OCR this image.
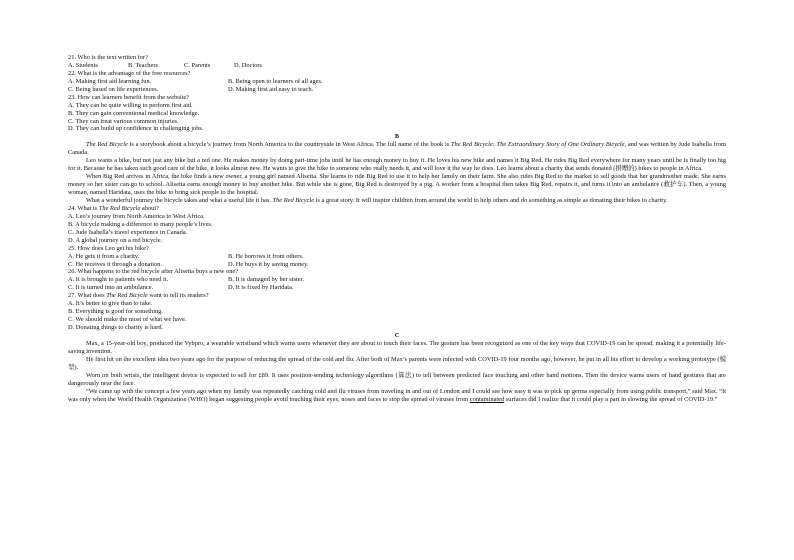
21. Who is the text written for?
A. Students	B. Teachers	C. Parents	D. Doctors
22. What is the advantage of the free resources?
A. Making first aid learning fun.	B. Being open to learners of all ages.
C. Being based on life experiences.	D. Making first aid easy to teach.
23. How can learners benefit from the website?
A. They can be quite willing to perform first aid.
B. They can gain conventional medical knowledge.
C. They can treat various common injuries.
D. They can build up confidence in challenging jobs.
B
The Red Bicycle is a storybook about a bicycle’s journey from North America to the countryside in West Africa. The full name of the book is The Red Bicycle: The Extraordinary Story of One Ordinary Bicycle, and was written by Jude Isabella from Canada.
Leo wants a bike, but not just any bike but a red one. He makes money by doing part-time jobs until he has enough money to buy it. He loves his new bike and names it Big Red. He rides Big Red everywhere for many years until he is finally too big for it. Because he has taken such good care of the bike, it looks almost new. He wants to give the bike to someone who really needs it, and will love it the way he does. Leo learns about a charity that sends donated (捐赠的) bikes to people in Africa.
When Big Red arrives in Africa, the bike finds a new owner, a young girl named Alisetta. She learns to ride Big Red to use it to help her family on their farm. She also rides Big Red to the market to sell goods that her grandmother made. She earns money so her sister can go to school. Alisetta earns enough money to buy another bike. But while she is gone, Big Red is destroyed by a pig. A worker from a hospital then takes Big Red, repairs it, and turns it into an ambulance (救护车). Then, a young woman, named Haridata, uses the bike to bring sick people to the hospital.
What a wonderful journey the bicycle takes and what a useful life it has. The Red Bicycle is a great story. It will inspire children from around the world to help others and do something as simple as donating their bikes to charity.
24. What is The Red Bicycle about?
A. Leo’s journey from North America to West Africa.
B. A bicycle making a difference to many people’s lives.
C. Jude Isabella’s travel experience in Canada.
D. A global journey on a red bicycle.
25. How does Leo get his bike?
A. He gets it from a charity.	B. He borrows it from others.
C. He receives it through a donation.	D. He buys it by saving money.
26. What happens to the red bicycle after Alisetta buys a new one?
A. It is brought to patients who need it.	B. It is damaged by her sister.
C. It is turned into an ambulance.	D. It is fixed by Haridata.
27. What does The Red Bicycle want to tell its readers?
A. It’s better to give than to take.
B. Everything is good for something.
C. We should make the most of what we have.
D. Donating things to charity is hard.
C
Max, a 15-year-old boy, produced the Vybpro, a wearable wristband which warns users whenever they are about to touch their faces. The gesture has been recognized as one of the key ways that COVID-19 can be spread, making it a potentially life-saving invention.
He first hit on the excellent idea two years ago for the purpose of reducing the spread of the cold and flu. After both of Max’s parents were infected with COVID-19 four months ago, however, he put in all his effort to develop a working prototype (模型).
Worn on both wrists, the intelligent device is expected to sell for £89. It uses position-sending technology algorithms (算法) to tell between predicted face touching and other hand motions. Then the device warns users of hand gestures that are dangerously near the face.
“We came up with the concept a few years ago when my family was repeatedly catching cold and flu viruses from traveling in and out of London and I could see how easy it was to pick up germs especially from using public transport,” said Max. “It was only when the World Health Organization (WHO) began suggesting people avoid touching their eyes, noses and faces to stop the spread of viruses from contaminated surfaces did I realize that it could play a part in slowing the spread of COVID-19.”
